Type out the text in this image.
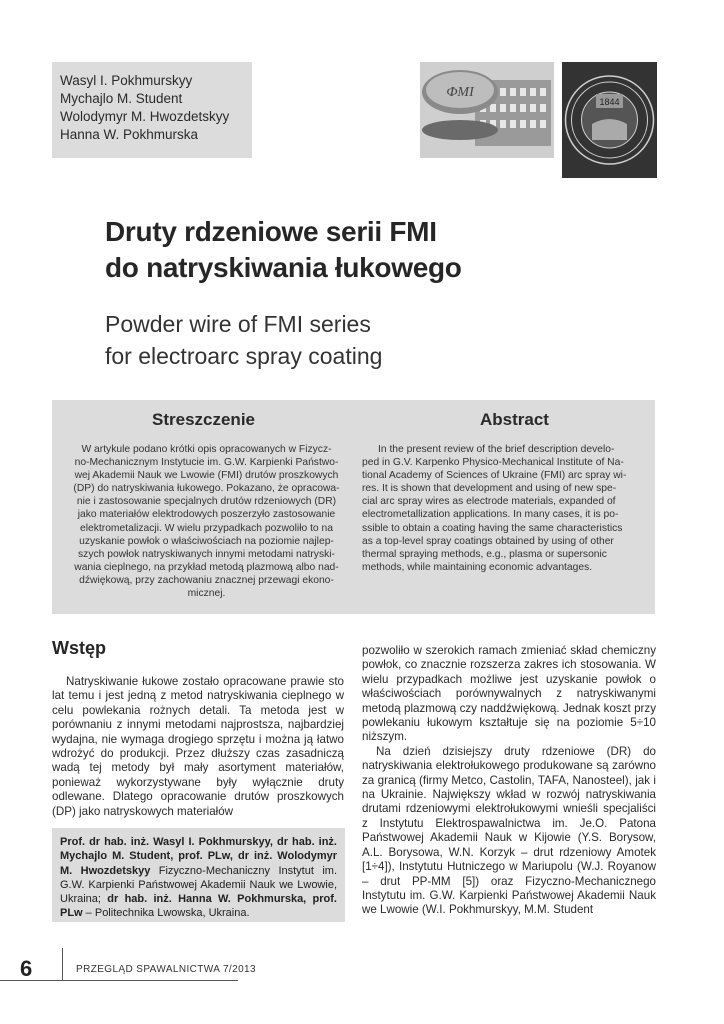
Wasyl I. Pokhmurskyy
Mychajlo M. Student
Wolodymyr M. Hwozdetskyy
Hanna W. Pokhmurska
ФМІ
1844
Druty rdzeniowe serii FMI
do natryskiwania łukowego
Powder wire of FMI series
for electroarc spray coating
Streszczenie
W artykule podano krótki opis opracowanych w Fizycz-
no-Mechanicznym Instytucie im. G.W. Karpienki Państwo-
wej Akademii Nauk we Lwowie (FMI) drutów proszkowych
(DP) do natryskiwania łukowego. Pokazano, że opracowa-
nie i zastosowanie specjalnych drutów rdzeniowych (DR)
jako materiałów elektrodowych poszerzyło zastosowanie
elektrometalizacji. W wielu przypadkach pozwoliło to na
uzyskanie powłok o właściwościach na poziomie najlep-
szych powłok natryskiwanych innymi metodami natryski-
wania cieplnego, na przykład metodą plazmową albo nad-
dźwiękową, przy zachowaniu znacznej przewagi ekono-
micznej.
Abstract
In the present review of the brief description develo-
ped in G.V. Karpenko Physico-Mechanical Institute of Na-
tional Academy of Sciences of Ukraine (FMI) arc spray wi-
res. It is shown that development and using of new spe-
cial arc spray wires as electrode materials, expanded of
electrometallization applications. In many cases, it is po-
ssible to obtain a coating having the same characteristics
as a top-level spray coatings obtained by using of other
thermal spraying methods, e.g., plasma or supersonic
methods, while maintaining economic advantages.
Wstęp

Natryskiwanie łukowe zostało opracowane prawie sto lat temu i jest jedną z metod natryskiwania cieplnego w celu powlekania rożnych detali. Ta metoda jest w porównaniu z innymi metodami najprostsza, najbardziej wydajna, nie wymaga drogiego sprzętu i można ją łatwo wdrożyć do produkcji. Przez dłuższy czas zasadniczą wadą tej metody był mały asortyment materiałów, ponieważ wykorzystywane były wyłącznie druty odlewane. Dlatego opracowanie drutów proszkowych (DP) jako natryskowych materiałów

Prof. dr hab. inż. Wasyl I. Pokhmurskyy, dr hab. inż. Mychajlo M. Student, prof. PLw, dr inż. Wolodymyr M. Hwozdetskyy Fizyczno-Mechaniczny Instytut im. G.W. Karpienki Państwowej Akademii Nauk we Lwowie, Ukraina; dr hab. inż. Hanna W. Pokhmurska, prof. PLw – Politechnika Lwowska, Ukraina.

pozwoliło w szerokich ramach zmieniać skład chemiczny powłok, co znacznie rozszerza zakres ich stosowania. W wielu przypadkach możliwe jest uzyskanie powłok o właściwościach porównywalnych z natryskiwanymi metodą plazmową czy naddźwiękową. Jednak koszt przy powlekaniu łukowym kształtuje się na poziomie 5÷10 niższym.

Na dzień dzisiejszy druty rdzeniowe (DR) do natryskiwania elektrołukowego produkowane są zarówno za granicą (firmy Metco, Castolin, TAFA, Nanosteel), jak i na Ukrainie. Największy wkład w rozwój natryskiwania drutami rdzeniowymi elektrołukowymi wnieśli specjaliści z Instytutu Elektrospawalnictwa im. Je.O. Patona Państwowej Akademii Nauk w Kijowie (Y.S. Borysow, A.L. Borysowa, W.N. Korzyk – drut rdzeniowy Amotek [1÷4]), Instytutu Hutniczego w Mariupolu (W.J. Royanow – drut PP-MM [5]) oraz Fizyczno-Mechanicznego Instytutu im. G.W. Karpienki Państwowej Akademii Nauk we Lwowie (W.I. Pokhmurskyy, M.M. Student

6	PRZEGLĄD SPAWALNICTWA 7/2013
